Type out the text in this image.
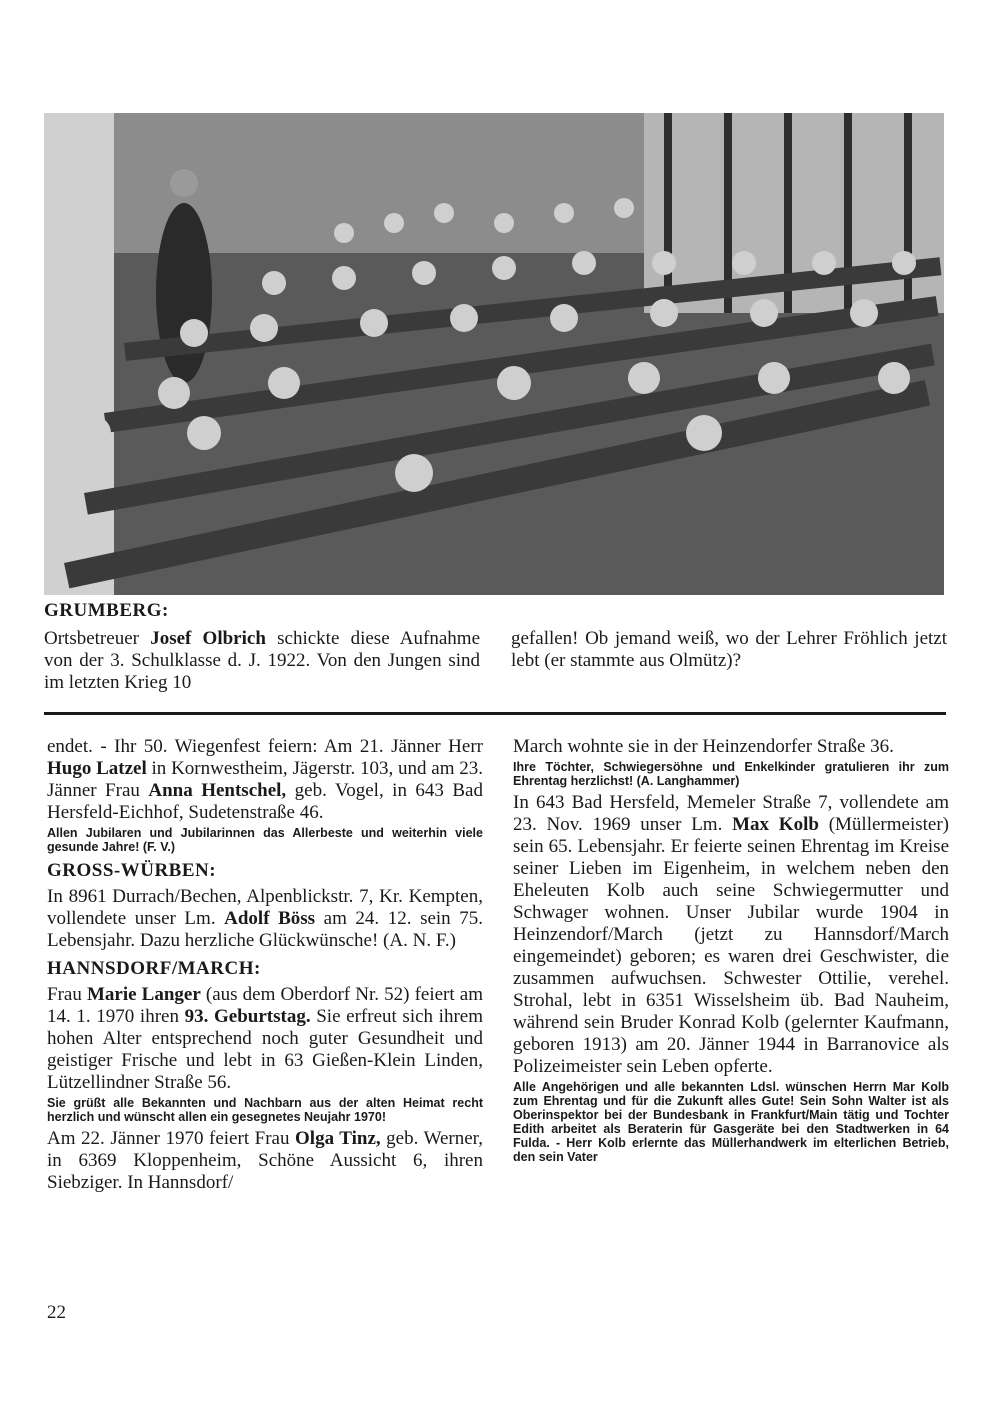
GRUMBERG:
Ortsbetreuer Josef Olbrich schickte diese Aufnahme von der 3. Schulklasse d. J. 1922. Von den Jungen sind im letzten Krieg 10
gefallen! Ob jemand weiß, wo der Lehrer Fröhlich jetzt lebt (er stammte aus Olmütz)?

endet. - Ihr 50. Wiegenfest feiern: Am 21. Jänner Herr Hugo Latzel in Kornwestheim, Jägerstr. 103, und am 23. Jänner Frau Anna Hentschel, geb. Vogel, in 643 Bad Hersfeld-Eichhof, Sudetenstraße 46.

Allen Jubilaren und Jubilarinnen das Allerbeste und weiterhin viele gesunde Jahre! (F. V.)

GROSS-WÜRBEN:

In 8961 Durrach/Bechen, Alpenblickstr. 7, Kr. Kempten, vollendete unser Lm. Adolf Böss am 24. 12. sein 75. Lebensjahr. Dazu herzliche Glückwünsche! (A. N. F.)

HANNSDORF/MARCH:

Frau Marie Langer (aus dem Oberdorf Nr. 52) feiert am 14. 1. 1970 ihren 93. Geburtstag. Sie erfreut sich ihrem hohen Alter entsprechend noch guter Gesundheit und geistiger Frische und lebt in 63 Gießen-Klein Linden, Lützellindner Straße 56.

Sie grüßt alle Bekannten und Nachbarn aus der alten Heimat recht herzlich und wünscht allen ein gesegnetes Neujahr 1970!

Am 22. Jänner 1970 feiert Frau Olga Tinz, geb. Werner, in 6369 Kloppenheim, Schöne Aussicht 6, ihren Siebziger. In Hannsdorf/

March wohnte sie in der Heinzendorfer Straße 36.

Ihre Töchter, Schwiegersöhne und Enkelkinder gratulieren ihr zum Ehrentag herzlichst! (A. Langhammer)

In 643 Bad Hersfeld, Memeler Straße 7, vollendete am 23. Nov. 1969 unser Lm. Max Kolb (Müllermeister) sein 65. Lebensjahr. Er feierte seinen Ehrentag im Kreise seiner Lieben im Eigenheim, in welchem neben den Eheleuten Kolb auch seine Schwiegermutter und Schwager wohnen. Unser Jubilar wurde 1904 in Heinzendorf/March (jetzt zu Hannsdorf/March eingemeindet) geboren; es waren drei Geschwister, die zusammen aufwuchsen. Schwester Ottilie, verehel. Strohal, lebt in 6351 Wisselsheim üb. Bad Nauheim, während sein Bruder Konrad Kolb (gelernter Kaufmann, geboren 1913) am 20. Jänner 1944 in Barranovice als Polizeimeister sein Leben opferte.

Alle Angehörigen und alle bekannten Ldsl. wünschen Herrn Mar Kolb zum Ehrentag und für die Zukunft alles Gute! Sein Sohn Walter ist als Oberinspektor bei der Bundesbank in Frankfurt/Main tätig und Tochter Edith arbeitet als Beraterin für Gasgeräte bei den Stadtwerken in 64 Fulda. - Herr Kolb erlernte das Müllerhandwerk im elterlichen Betrieb, den sein Vater

22
